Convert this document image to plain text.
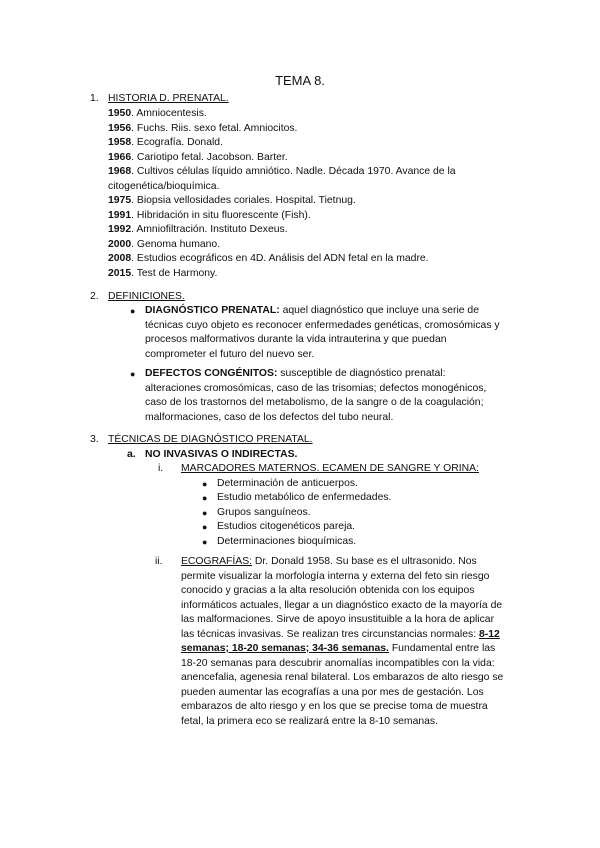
TEMA 8.
1. HISTORIA D. PRENATAL.
1950. Amniocentesis.
1956. Fuchs. Riis. sexo fetal. Amniocitos.
1958. Ecografía. Donald.
1966. Cariotipo fetal. Jacobson. Barter.
1968. Cultivos células líquido amniótico. Nadle. Década 1970. Avance de la
citogenética/bioquímica.
1975. Biopsia vellosidades coriales. Hospital. Tietnug.
1991. Hibridación in situ fluorescente (Fish).
1992. Amniofiltración. Instituto Dexeus.
2000. Genoma humano.
2008. Estudios ecográficos en 4D. Análisis del ADN fetal en la madre.
2015. Test de Harmony.
2. DEFINICIONES.
● DIAGNÓSTICO PRENATAL: aquel diagnóstico que incluye una serie de
técnicas cuyo objeto es reconocer enfermedades genéticas, cromosómicas y
procesos malformativos durante la vida intrauterina y que puedan
comprometer el futuro del nuevo ser.
● DEFECTOS CONGÉNITOS: susceptible de diagnóstico prenatal:
alteraciones cromosómicas, caso de las trisomias; defectos monogénicos,
caso de los trastornos del metabolismo, de la sangre o de la coagulación;
malformaciones, caso de los defectos del tubo neural.
3. TÉCNICAS DE DIAGNÓSTICO PRENATAL.
a. NO INVASIVAS O INDIRECTAS.
i. MARCADORES MATERNOS. ECAMEN DE SANGRE Y ORINA:
● Determinación de anticuerpos.
● Estudio metabólico de enfermedades.
● Grupos sanguíneos.
● Estudios citogenéticos pareja.
● Determinaciones bioquímicas.
ii. ECOGRAFÍAS: Dr. Donald 1958. Su base es el ultrasonido. Nos
permite visualizar la morfología interna y externa del feto sin riesgo
conocido y gracias a la alta resolución obtenida con los equipos
informáticos actuales, llegar a un diagnóstico exacto de la mayoría de
las malformaciones. Sirve de apoyo insustituible a la hora de aplicar
las técnicas invasivas. Se realizan tres circunstancias normales: 8-12
semanas; 18-20 semanas; 34-36 semanas. Fundamental entre las
18-20 semanas para descubrir anomalías incompatibles con la vida:
anencefalia, agenesia renal bilateral. Los embarazos de alto riesgo se
pueden aumentar las ecografías a una por mes de gestación. Los
embarazos de alto riesgo y en los que se precise toma de muestra
fetal, la primera eco se realizará entre la 8-10 semanas.
